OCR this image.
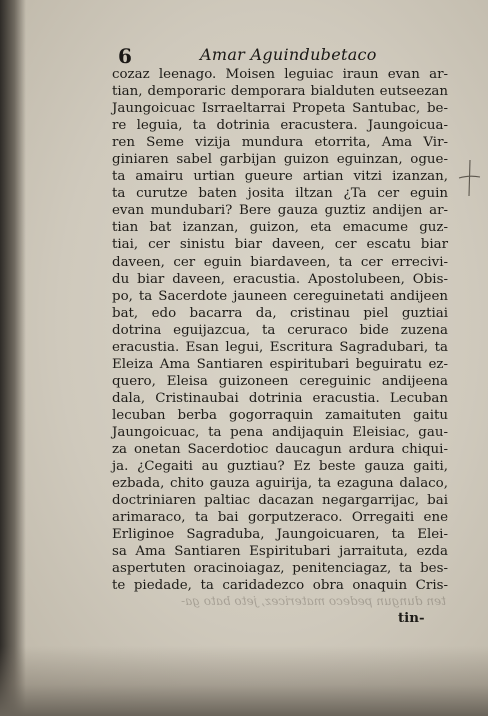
6	Amar Aguindubetaco
cozaz leenago. Moisen leguiac iraun evan ar-
tian, demporaric demporara bialduten eutseezan
Jaungoicuac Isrraeltarrai Propeta Santubac, be-
re leguia, ta dotrinia eracustera. Jaungoicua-
ren Seme vizija mundura etorrita, Ama Vir-
giniaren sabel garbijan guizon eguinzan, ogue-
ta amairu urtian gueure artian vitzi izanzan,
ta curutze baten josita iltzan ¿Ta cer eguin
evan mundubari? Bere gauza guztiz andijen ar-
tian bat izanzan, guizon, eta emacume guz-
tiai, cer sinistu biar daveen, cer escatu biar
daveen, cer eguin biardaveen, ta cer errecivi-
du biar daveen, eracustia. Apostolubeen, Obis-
po, ta Sacerdote jauneen cereguinetati andijeen
bat, edo bacarra da, cristinau piel guztiai
dotrina eguijazcua, ta ceruraco bide zuzena
eracustia. Esan legui, Escritura Sagradubari, ta
Eleiza Ama Santiaren espiritubari beguiratu ez-
quero, Eleisa guizoneen cereguinic andijeena
dala, Cristinaubai dotrinia eracustia. Lecuban
lecuban berba gogorraquin zamaituten gaitu
Jaungoicuac, ta pena andijaquin Eleisiac, gau-
za onetan Sacerdotioc daucagun ardura chiqui-
ja. ¿Cegaiti au guztiau? Ez beste gauza gaiti,
ezbada, chito gauza aguirija, ta ezaguna dalaco,
doctriniaren paltiac dacazan negargarrijac, bai
arimaraco, ta bai gorputzeraco. Orregaiti ene
Erliginoe Sagraduba, Jaungoicuaren, ta Elei-
sa Ama Santiaren Espiritubari jarraituta, ezda
aspertuten oracinoiagaz, penitenciagaz, ta bes-
te piedade, ta caridadezco obra onaquin Cris-
ten dungun pedeco matericez, jeto bato ga-
tin-
